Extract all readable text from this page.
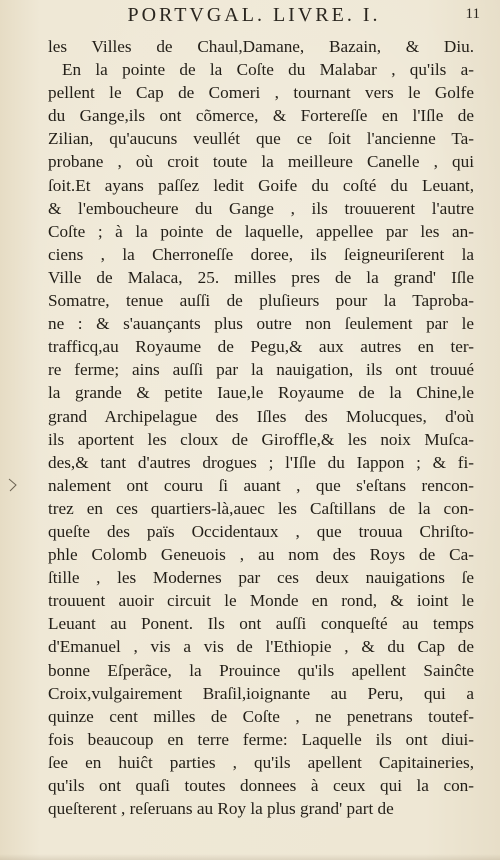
PORTVGAL. LIVRE. I.	11
les Villes de Chaul,Damane, Bazain, & Diu.
En la pointe de la Coſte du Malabar , qu'ils a-
pellent le Cap de Comeri , tournant vers le Golfe
du Gange,ils ont cõmerce, & Fortereſſe en l'Iſle de
Zilian, qu'aucuns veullét que ce ſoit l'ancienne Ta-
probane , où croit toute la meilleure Canelle , qui
ſoit.Et ayans paſſez ledit Goife du coſté du Leuant,
& l'embouchеure du Gange , ils trouuerent l'autre
Coſte ; à la pointe de laquelle, appellee par les an-
ciens , la Cherroneſſe doree, ils ſeigneuriſerent la
Ville de Malaca, 25. milles pres de la grand' Iſle
Somatre, tenue auſſi de pluſieurs pour la Taproba-
ne : & s'auançants plus outre non ſeulement par le
trafficq,au Royaume de Pegu,& aux autres en ter-
re ferme; ains auſſi par la nauigation, ils ont trouué
la grande & petite Iaue,le Royaume de la Chine,le
grand Archipelague des Iſles des Molucques, d'où
ils aportent les cloux de Giroffle,& les noix Muſca-
des,& tant d'autres drogues ; l'Iſle du Iappon ; & fi-
nalement ont couru ſi auant , que s'eſtans rencon-
trez en ces quartiers-là,auec les Caſtillans de la con-
queſte des païs Occidentaux , que trouua Chriſto-
phle Colomb Geneuois , au nom des Roys de Ca-
ſtille , les Modernes par ces deux nauigations ſe
trouuent auoir circuit le Monde en rond, & ioint le
Leuant au Ponent. Ils ont auſſi conqueſté au temps
d'Emanuel , vis a vis de l'Ethiopie , & du Cap de
bonne Eſperãce, la Prouince qu'ils apellent Sainĉte
Croix,vulgairement Braſil,ioignante au Peru, qui a
quinze cent milles de Coſte , ne penetrans toutef-
fois beaucoup en terre ferme: Laquelle ils ont diui-
ſee en huiĉt parties , qu'ils apellent Capitaineries,
qu'ils ont quaſi toutes donnees à ceux qui la con-
queſterent , reſeruans au Roy la plus grand' part de
